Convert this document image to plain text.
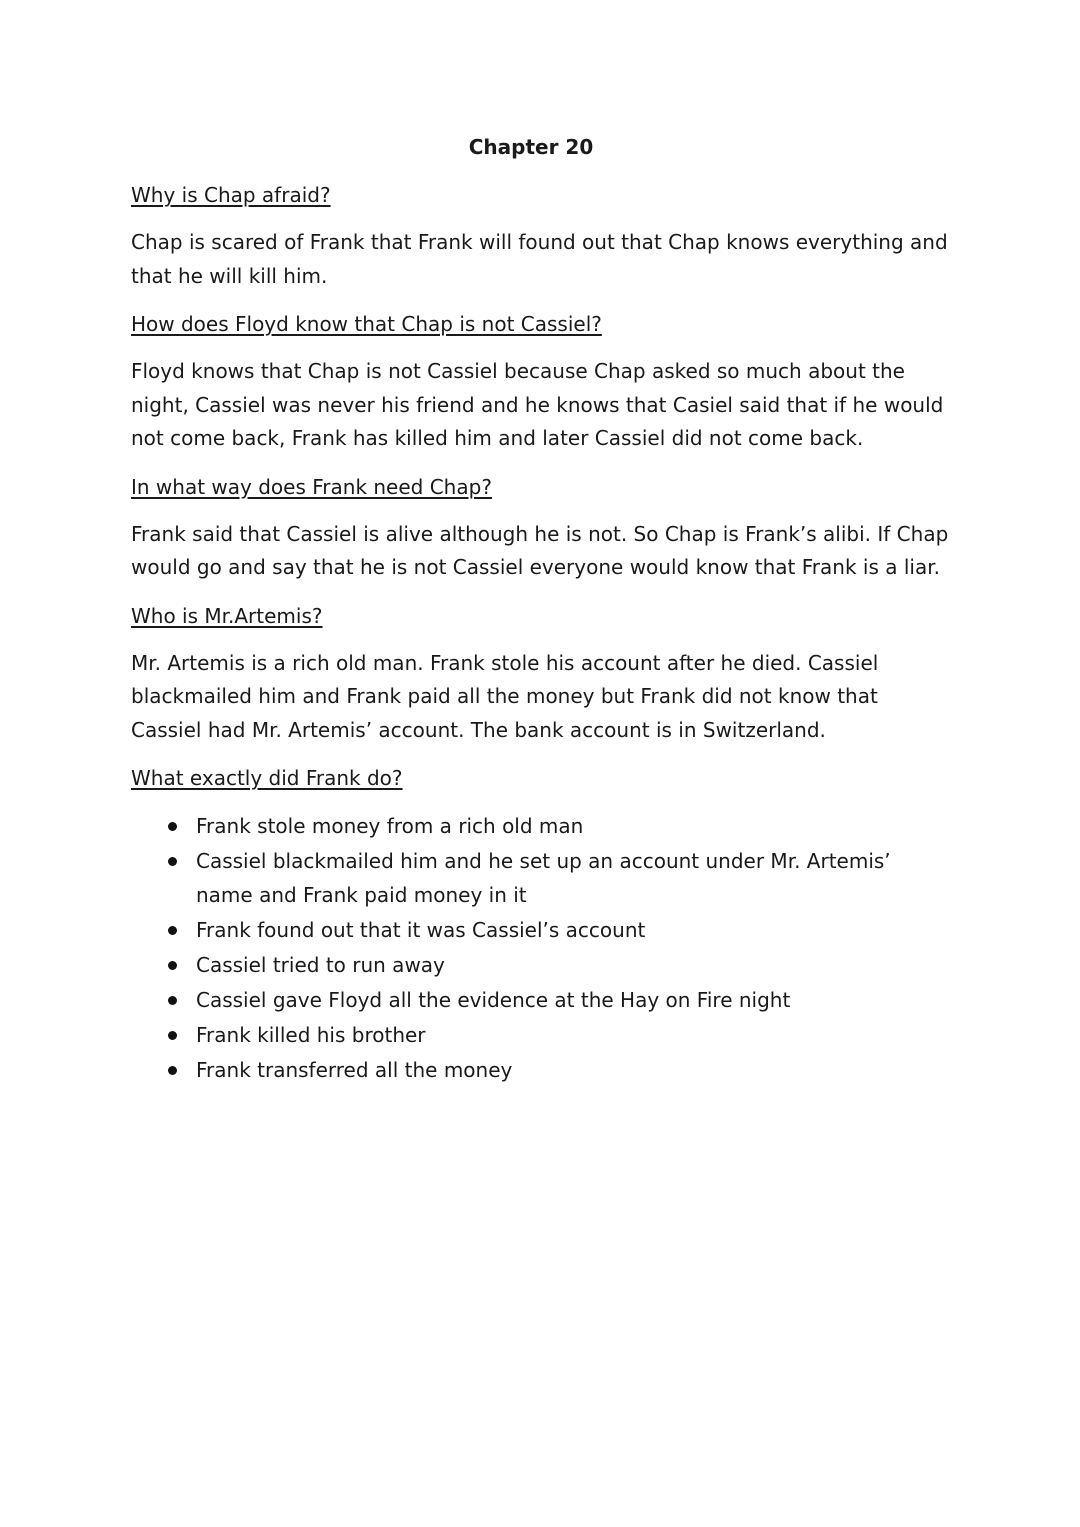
Chapter 20
Why is Chap afraid?
Chap is scared of Frank that Frank will found out that Chap knows everything and that he will kill him.
How does Floyd know that Chap is not Cassiel?
Floyd knows that Chap is not Cassiel because Chap asked so much about the night, Cassiel was never his friend and he knows that Casiel said that if he would not come back, Frank has killed him and later Cassiel did not come back.
In what way does Frank need Chap?
Frank said that Cassiel is alive although he is not. So Chap is Frank’s alibi. If Chap would go and say that he is not Cassiel everyone would know that Frank is a liar.
Who is Mr.Artemis?
Mr. Artemis is a rich old man. Frank stole his account after he died. Cassiel blackmailed him and Frank paid all the money but Frank did not know that Cassiel had Mr. Artemis’ account. The bank account is in Switzerland.
What exactly did Frank do?
Frank stole money from a rich old man
Cassiel blackmailed him and he set up an account under Mr. Artemis’ name and Frank paid money in it
Frank found out that it was Cassiel’s account
Cassiel tried to run away
Cassiel gave Floyd all the evidence at the Hay on Fire night
Frank killed his brother
Frank transferred all the money
